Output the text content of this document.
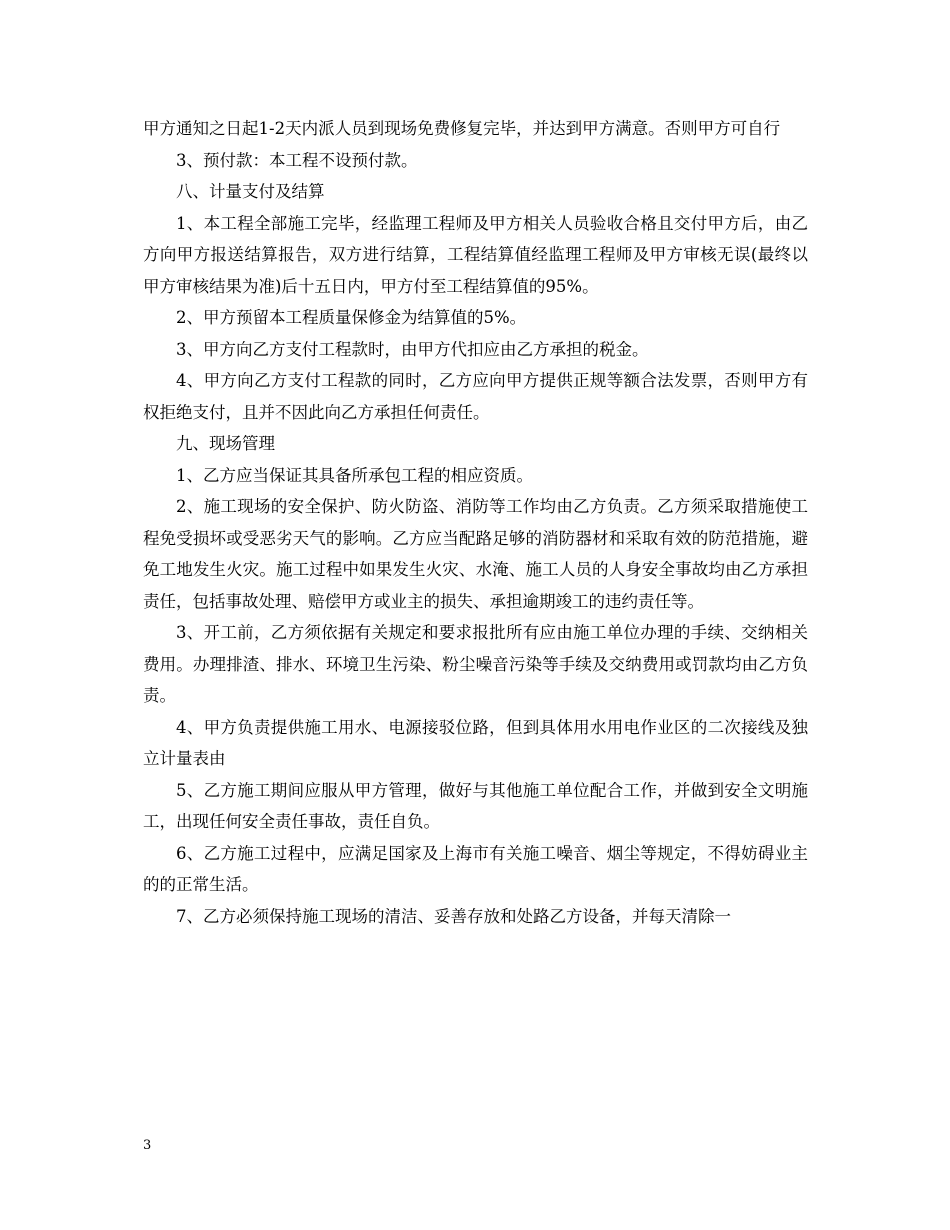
甲方通知之日起1-2天内派人员到现场免费修复完毕，并达到甲方满意。否则甲方可自行

3、预付款：本工程不设预付款。

八、计量支付及结算

1、本工程全部施工完毕，经监理工程师及甲方相关人员验收合格且交付甲方后，由乙方向甲方报送结算报告，双方进行结算，工程结算值经监理工程师及甲方审核无误(最终以甲方审核结果为准)后十五日内，甲方付至工程结算值的95%。

2、甲方预留本工程质量保修金为结算值的5%。

3、甲方向乙方支付工程款时，由甲方代扣应由乙方承担的税金。

4、甲方向乙方支付工程款的同时，乙方应向甲方提供正规等额合法发票，否则甲方有权拒绝支付，且并不因此向乙方承担任何责任。

九、现场管理

1、乙方应当保证其具备所承包工程的相应资质。

2、施工现场的安全保护、防火防盗、消防等工作均由乙方负责。乙方须采取措施使工程免受损坏或受恶劣天气的影响。乙方应当配路足够的消防器材和采取有效的防范措施，避免工地发生火灾。施工过程中如果发生火灾、水淹、施工人员的人身安全事故均由乙方承担责任，包括事故处理、赔偿甲方或业主的损失、承担逾期竣工的违约责任等。

3、开工前，乙方须依据有关规定和要求报批所有应由施工单位办理的手续、交纳相关费用。办理排渣、排水、环境卫生污染、粉尘噪音污染等手续及交纳费用或罚款均由乙方负责。

4、甲方负责提供施工用水、电源接驳位路，但到具体用水用电作业区的二次接线及独立计量表由

5、乙方施工期间应服从甲方管理，做好与其他施工单位配合工作，并做到安全文明施工，出现任何安全责任事故，责任自负。

6、乙方施工过程中，应满足国家及上海市有关施工噪音、烟尘等规定，不得妨碍业主的的正常生活。

7、乙方必须保持施工现场的清洁、妥善存放和处路乙方设备，并每天清除一

3
